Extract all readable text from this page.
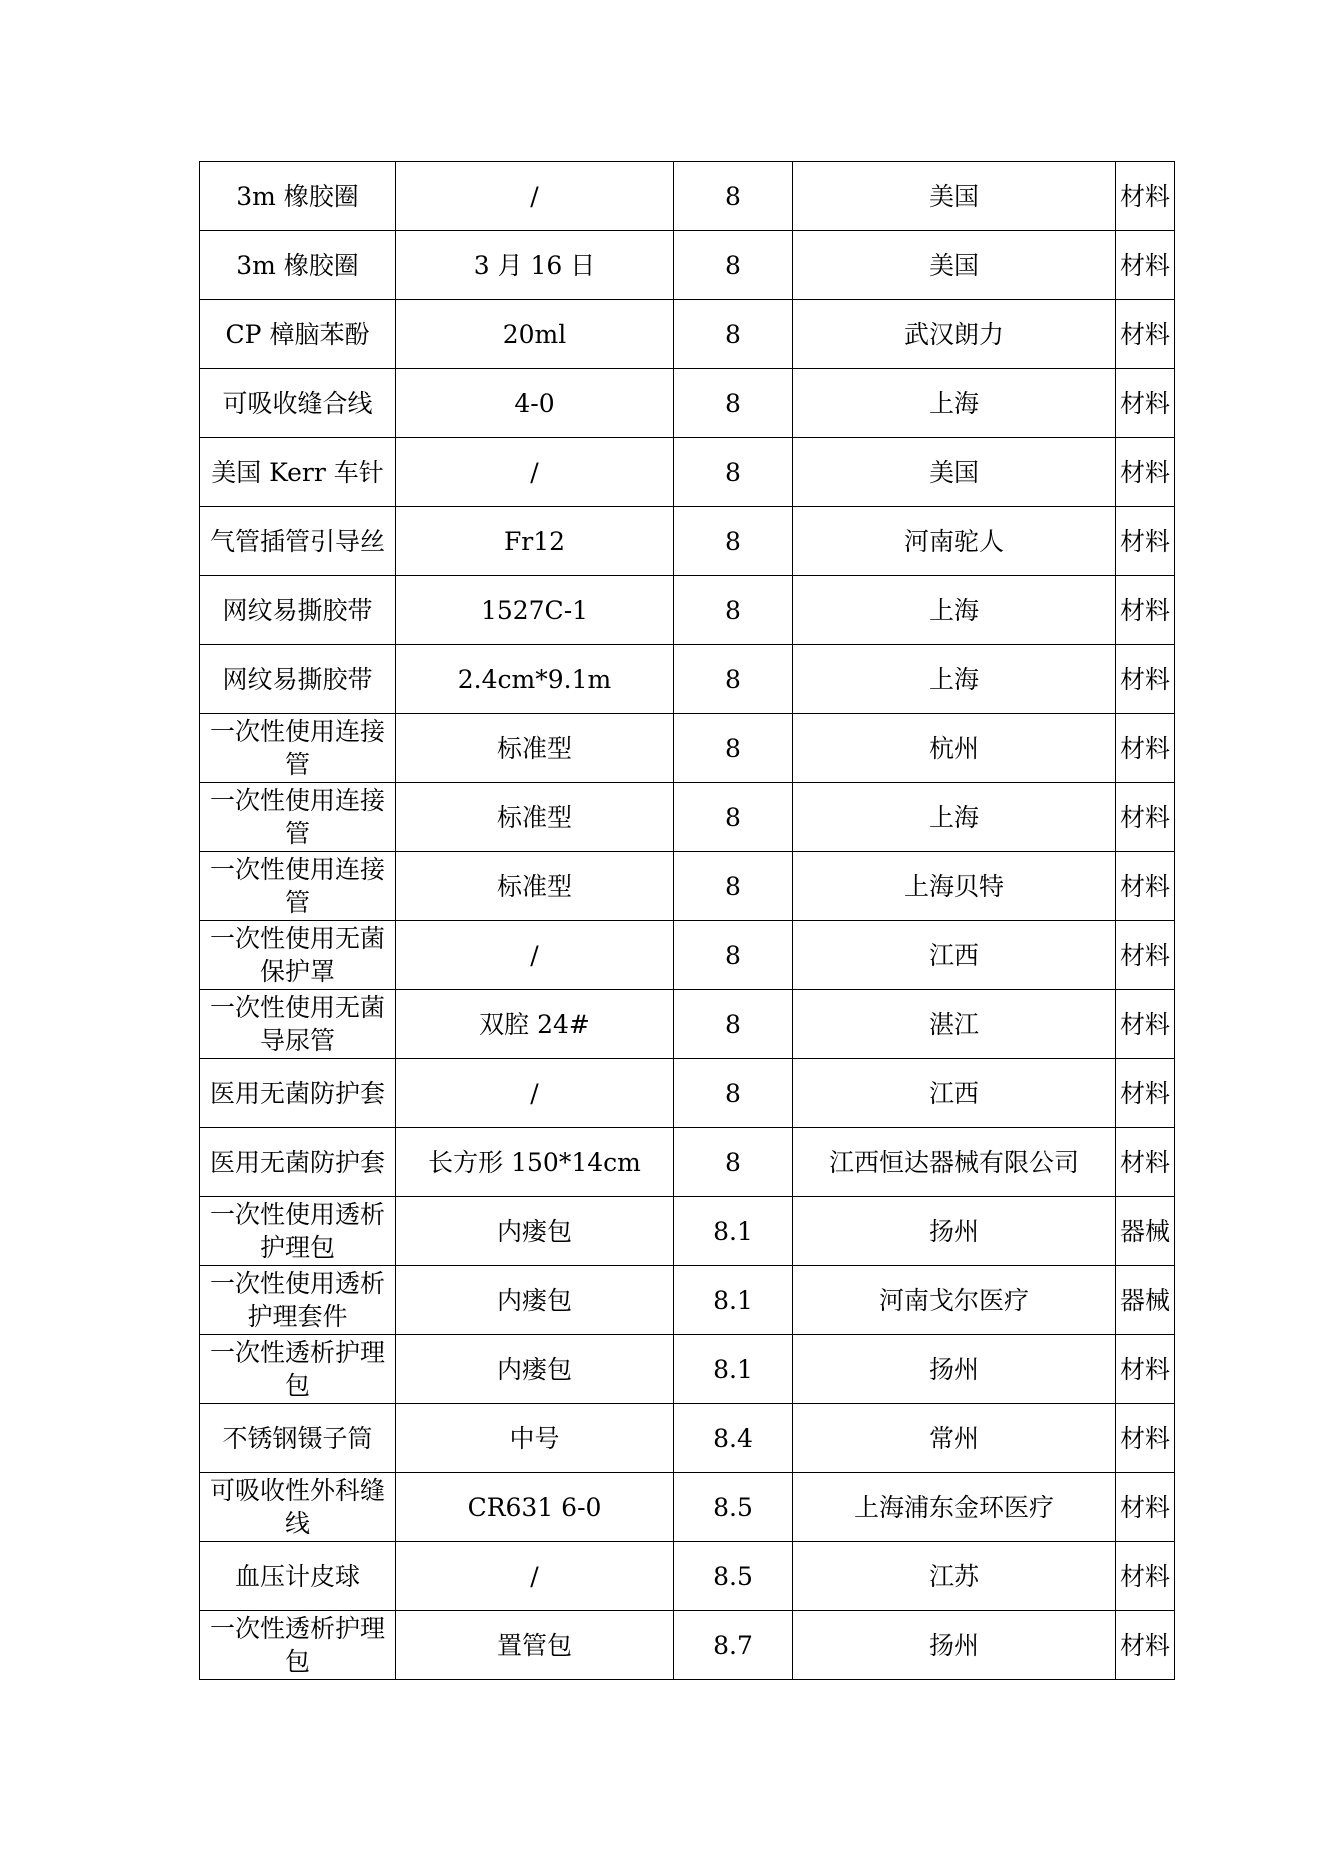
3m 橡胶圈	/	8	美国	材料
3m 橡胶圈	3 月 16 日	8	美国	材料
CP 樟脑苯酚	20ml	8	武汉朗力	材料
可吸收缝合线	4-0	8	上海	材料
美国 Kerr 车针	/	8	美国	材料
气管插管引导丝	Fr12	8	河南驼人	材料
网纹易撕胶带	1527C-1	8	上海	材料
网纹易撕胶带	2.4cm*9.1m	8	上海	材料
一次性使用连接管	标准型	8	杭州	材料
一次性使用连接管	标准型	8	上海	材料
一次性使用连接管	标准型	8	上海贝特	材料
一次性使用无菌保护罩	/	8	江西	材料
一次性使用无菌导尿管	双腔 24#	8	湛江	材料
医用无菌防护套	/	8	江西	材料
医用无菌防护套	长方形 150*14cm	8	江西恒达器械有限公司	材料
一次性使用透析护理包	内瘘包	8.1	扬州	器械
一次性使用透析护理套件	内瘘包	8.1	河南戈尔医疗	器械
一次性透析护理包	内瘘包	8.1	扬州	材料
不锈钢镊子筒	中号	8.4	常州	材料
可吸收性外科缝线	CR631 6-0	8.5	上海浦东金环医疗	材料
血压计皮球	/	8.5	江苏	材料
一次性透析护理包	置管包	8.7	扬州	材料
